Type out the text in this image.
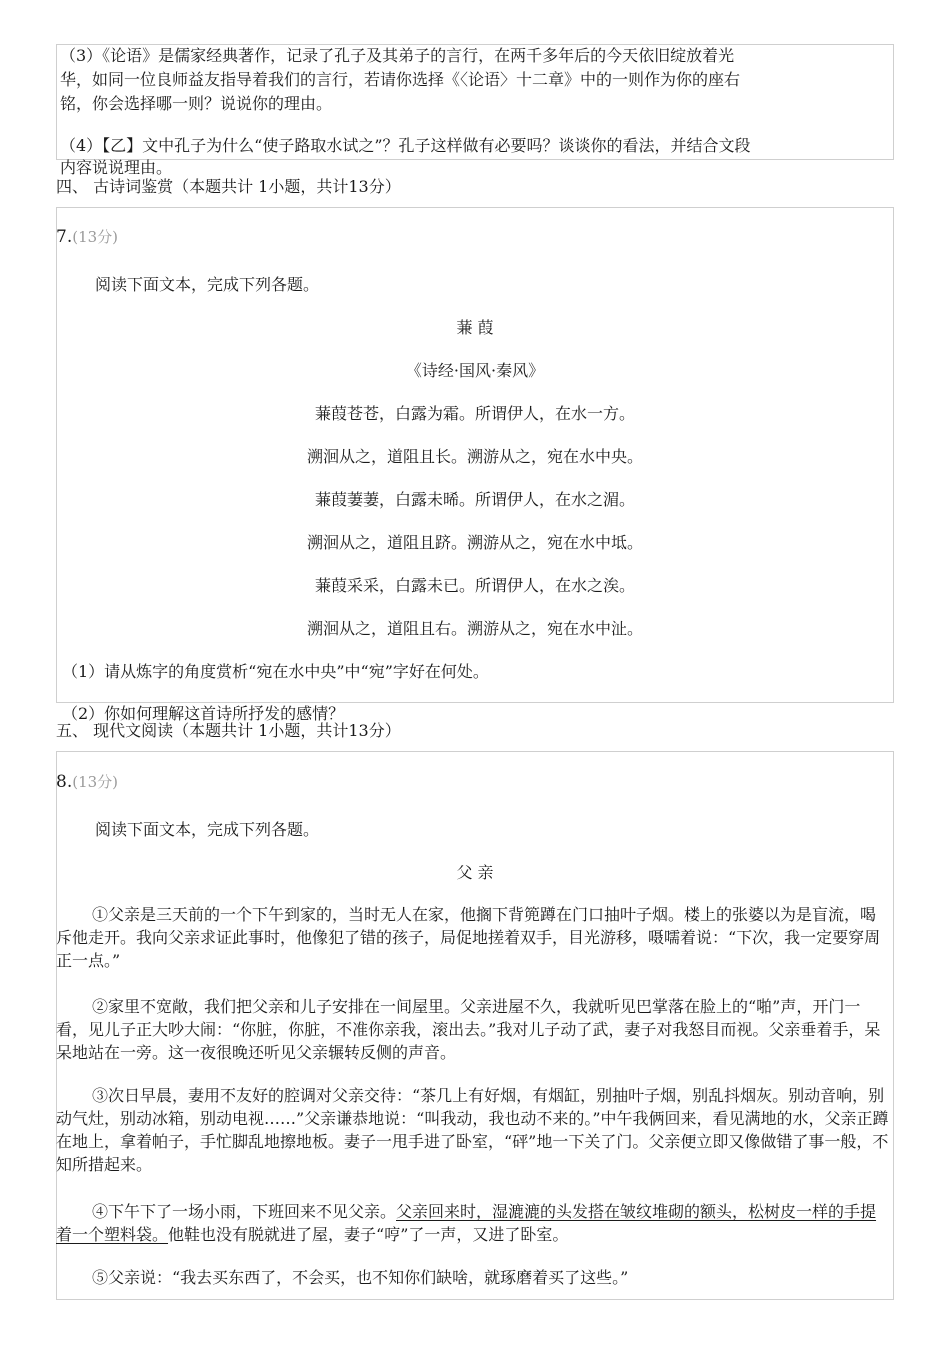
（3）《论语》是儒家经典著作，记录了孔子及其弟子的言行，在两千多年后的今天依旧绽放着光
华，如同一位良师益友指导着我们的言行，若请你选择《〈论语〉十二章》中的一则作为你的座右
铭，你会选择哪一则？说说你的理由。
（4）【乙】文中孔子为什么“使子路取水试之”？孔子这样做有必要吗？谈谈你的看法，并结合文段
内容说说理由。
四、 古诗词鉴赏（本题共计 1小题，共计13分）
7.(13分)
阅读下面文本，完成下列各题。
蒹 葭
《诗经·国风·秦风》
蒹葭苍苍，白露为霜。所谓伊人，在水一方。
溯洄从之，道阻且长。溯游从之，宛在水中央。
蒹葭萋萋，白露未晞。所谓伊人，在水之湄。
溯洄从之，道阻且跻。溯游从之，宛在水中坻。
蒹葭采采，白露未已。所谓伊人，在水之涘。
溯洄从之，道阻且右。溯游从之，宛在水中沚。
（1）请从炼字的角度赏析“宛在水中央”中“宛”字好在何处。
（2）你如何理解这首诗所抒发的感情？
五、 现代文阅读（本题共计 1小题，共计13分）
8.(13分)
阅读下面文本，完成下列各题。
父 亲
①父亲是三天前的一个下午到家的，当时无人在家，他搁下背篼蹲在门口抽叶子烟。楼上的张婆以为是盲流，喝斥他走开。我向父亲求证此事时，他像犯了错的孩子，局促地搓着双手，目光游移，嗫嚅着说：“下次，我一定要穿周正一点。”
②家里不宽敞，我们把父亲和儿子安排在一间屋里。父亲进屋不久，我就听见巴掌落在脸上的“啪”声，开门一看，见儿子正大吵大闹：“你脏，你脏，不准你亲我，滚出去。”我对儿子动了武，妻子对我怒目而视。父亲垂着手，呆呆地站在一旁。这一夜很晚还听见父亲辗转反侧的声音。
③次日早晨，妻用不友好的腔调对父亲交待：“茶几上有好烟，有烟缸，别抽叶子烟，别乱抖烟灰。别动音响，别动气灶，别动冰箱，别动电视……”父亲谦恭地说：“叫我动，我也动不来的。”中午我俩回来，看见满地的水，父亲正蹲在地上，拿着帕子，手忙脚乱地擦地板。妻子一甩手进了卧室，“砰”地一下关了门。父亲便立即又像做错了事一般，不知所措起来。
④下午下了一场小雨，下班回来不见父亲。父亲回来时，湿漉漉的头发搭在皱纹堆砌的额头，松树皮一样的手提着一个塑料袋。他鞋也没有脱就进了屋，妻子“哼”了一声，又进了卧室。
⑤父亲说：“我去买东西了，不会买，也不知你们缺啥，就琢磨着买了这些。”
